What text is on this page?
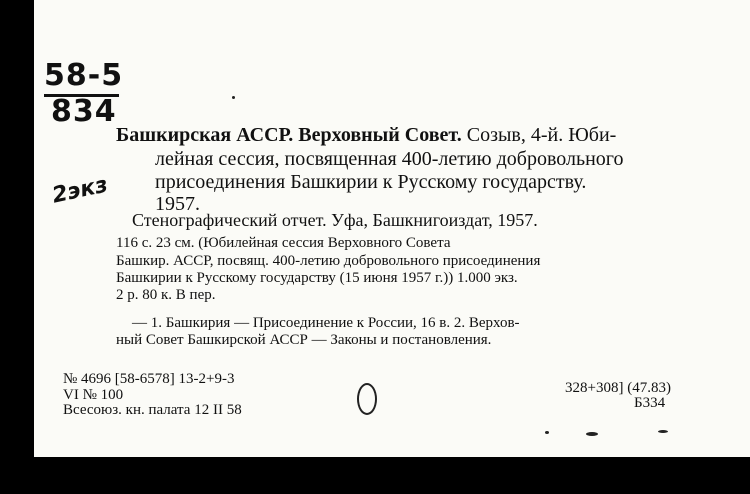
58-5
834
2экз
Башкирская АССР. Верховный Совет. Созыв, 4-й. Юби-
лейная сессия, посвященная 400-летию добровольного
присоединения Башкирии к Русскому государству.
1957.
Стенографический отчет. Уфа, Башкнигоиздат, 1957.
116 с. 23 см. (Юбилейная сессия Верховного Совета
Башкир. АССР, посвящ. 400-летию добровольного присоединения
Башкирии к Русскому государству (15 июня 1957 г.)) 1.000 экз.
2 р. 80 к. В пер.
— 1. Башкирия — Присоединение к России, 16 в. 2. Верхов-
ный Совет Башкирской АССР — Законы и постановления.
№ 4696 [58-6578] 13-2+9-3
VI № 100
Всесоюз. кн. палата 12 II 58
328+308] (47.83)
Б334
